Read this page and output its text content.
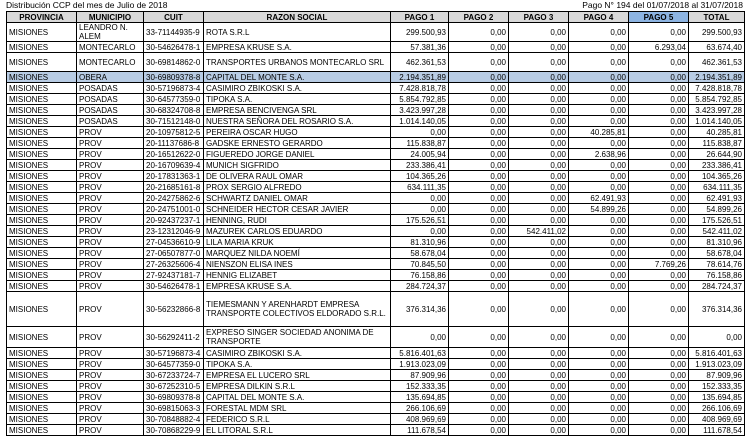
Distribución CCP del mes de Julio de 2018	Pago N° 194 del 01/07/2018 al 31/07/2018
PROVINCIA	MUNICIPIO	CUIT	RAZON SOCIAL	PAGO 1	PAGO 2	PAGO 3	PAGO 4	PAGO 5	TOTAL
MISIONES	LEANDRO N. ALEM	33-71144935-9	ROTA S.R.L	299.500,93	0,00	0,00	0,00	0,00	299.500,93
MISIONES	MONTECARLO	30-54626478-1	EMPRESA KRUSE S.A.	57.381,36	0,00	0,00	0,00	6.293,04	63.674,40
MISIONES	MONTECARLO	30-69814862-0	TRANSPORTES URBANOS MONTECARLO SRL	462.361,53	0,00	0,00	0,00	0,00	462.361,53
MISIONES	OBERA	30-69809378-8	CAPITAL DEL MONTE S.A.	2.194.351,89	0,00	0,00	0,00	0,00	2.194.351,89
MISIONES	POSADAS	30-57196873-4	CASIMIRO ZBIKOSKI S.A.	7.428.818,78	0,00	0,00	0,00	0,00	7.428.818,78
MISIONES	POSADAS	30-64577359-0	TIPOKA S.A.	5.854.792,85	0,00	0,00	0,00	0,00	5.854.792,85
MISIONES	POSADAS	30-68324708-8	EMPRESA BENCIVENGA SRL	3.423.997,28	0,00	0,00	0,00	0,00	3.423.997,28
MISIONES	POSADAS	30-71512148-0	NUESTRA SEÑORA DEL ROSARIO S.A.	1.014.140,05	0,00	0,00	0,00	0,00	1.014.140,05
MISIONES	PROV	20-10975812-5	PEREIRA OSCAR HUGO	0,00	0,00	0,00	40.285,81	0,00	40.285,81
MISIONES	PROV	20-11137686-8	GADSKE ERNESTO GERARDO	115.838,87	0,00	0,00	0,00	0,00	115.838,87
MISIONES	PROV	20-16512622-0	FIGUEREDO JORGE DANIEL	24.005,94	0,00	0,00	2.638,96	0,00	26.644,90
MISIONES	PROV	20-16709639-4	MUNICH SIGFRIDO	233.386,41	0,00	0,00	0,00	0,00	233.386,41
MISIONES	PROV	20-17831363-1	DE OLIVERA RAUL OMAR	104.365,26	0,00	0,00	0,00	0,00	104.365,26
MISIONES	PROV	20-21685161-8	PROX SERGIO ALFREDO	634.111,35	0,00	0,00	0,00	0,00	634.111,35
MISIONES	PROV	20-24275862-6	SCHWARTZ DANIEL OMAR	0,00	0,00	0,00	62.491,93	0,00	62.491,93
MISIONES	PROV	20-24751001-0	SCHNEIDER HECTOR CESAR JAVIER	0,00	0,00	0,00	54.899,26	0,00	54.899,26
MISIONES	PROV	20-92437237-1	HENNING, RUDI	175.526,51	0,00	0,00	0,00	0,00	175.526,51
MISIONES	PROV	23-12312046-9	MAZUREK CARLOS EDUARDO	0,00	0,00	542.411,02	0,00	0,00	542.411,02
MISIONES	PROV	27-04536610-9	LILA MARIA KRUK	81.310,96	0,00	0,00	0,00	0,00	81.310,96
MISIONES	PROV	27-06507877-0	MARQUEZ NILDA NOEMÍ	58.678,04	0,00	0,00	0,00	0,00	58.678,04
MISIONES	PROV	27-26325606-4	NIENSZON ELISA INES	70.845,50	0,00	0,00	0,00	7.769,26	78.614,76
MISIONES	PROV	27-92437181-7	HENNIG ELIZABET	76.158,86	0,00	0,00	0,00	0,00	76.158,86
MISIONES	PROV	30-54626478-1	EMPRESA KRUSE S.A.	284.724,37	0,00	0,00	0,00	0,00	284.724,37
MISIONES	PROV	30-56232866-8	TIEMESMANN Y ARENHARDT EMPRESA TRANSPORTE COLECTIVOS ELDORADO S.R.L.	376.314,36	0,00	0,00	0,00	0,00	376.314,36
MISIONES	PROV	30-56292411-2	EXPRESO SINGER SOCIEDAD ANONIMA DE TRANSPORTE	0,00	0,00	0,00	0,00	0,00	0,00
MISIONES	PROV	30-57196873-4	CASIMIRO ZBIKOSKI S.A.	5.816.401,63	0,00	0,00	0,00	0,00	5.816.401,63
MISIONES	PROV	30-64577359-0	TIPOKA S.A.	1.913.023,09	0,00	0,00	0,00	0,00	1.913.023,09
MISIONES	PROV	30-67233724-7	EMPRESA EL LUCERO SRL	87.909,96	0,00	0,00	0,00	0,00	87.909,96
MISIONES	PROV	30-67252310-5	EMPRESA DILKIN S.R.L	152.333,35	0,00	0,00	0,00	0,00	152.333,35
MISIONES	PROV	30-69809378-8	CAPITAL DEL MONTE S.A.	135.694,85	0,00	0,00	0,00	0,00	135.694,85
MISIONES	PROV	30-69815063-3	FORESTAL MDM SRL	266.106,69	0,00	0,00	0,00	0,00	266.106,69
MISIONES	PROV	30-70848882-4	FEDERICO S.R.L	408.969,69	0,00	0,00	0,00	0,00	408.969,69
MISIONES	PROV	30-70868229-9	EL LITORAL S.R.L	111.678,54	0,00	0,00	0,00	0,00	111.678,54
